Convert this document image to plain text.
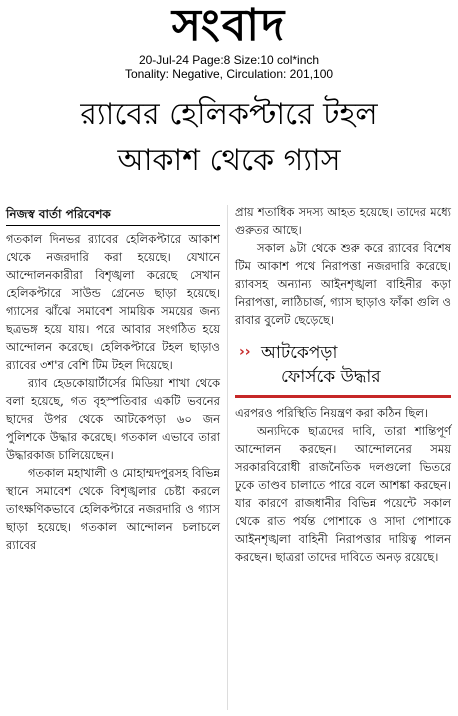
সংবাদ
20-Jul-24 Page:8 Size:10 col*inch
Tonality: Negative, Circulation: 201,100
র‍্যাবের হেলিকপ্টারে টহল
আকাশ থেকে গ্যাস
নিজস্ব বার্তা পরিবেশক

গতকাল দিনভর র‍্যাবের হেলিকপ্টারে আকাশ থেকে নজরদারি করা হয়েছে। যেখানে আন্দোলনকারীরা বিশৃঙ্খলা করেছে সেখান হেলিকপ্টারে সাউন্ড গ্রেনেড ছাড়া হয়েছে। গ্যাসের ঝাঁঝে সমাবেশ সাময়িক সময়ের জন্য ছত্রভঙ্গ হয়ে যায়। পরে আবার সংগঠিত হয়ে আন্দোলন করেছে। হেলিকপ্টারে টহল ছাড়াও র‍্যাবের ৩শ'র বেশি টিম টহল দিয়েছে।

র‍্যাব হেডকোয়ার্টার্সের মিডিয়া শাখা থেকে বলা হয়েছে, গত বৃহস্পতিবার একটি ভবনের ছাদের উপর থেকে আটকেপড়া ৬০ জন পুলিশকে উদ্ধার করেছে। গতকাল এভাবে তারা উদ্ধারকাজ চালিয়েছেন।

গতকাল মহাখালী ও মোহাম্মদপুরসহ বিভিন্ন স্থানে সমাবেশ থেকে বিশৃঙ্খলার চেষ্টা করলে তাৎক্ষণিকভাবে হেলিকপ্টারে নজরদারি ও গ্যাস ছাড়া হয়েছে। গতকাল আন্দোলন চলাচলে র‍্যাবের

প্রায় শতাধিক সদস্য আহত হয়েছে। তাদের মধ্যে গুরুতর আছে।

সকাল ৯টা থেকে শুরু করে র‍্যাবের বিশেষ টিম আকাশ পথে নিরাপত্তা নজরদারি করেছে। র‍্যাবসহ অন্যান্য আইনশৃঙ্খলা বাহিনীর কড়া নিরাপত্তা, লাঠিচার্জ, গ্যাস ছাড়াও ফাঁকা গুলি ও রাবার বুলেট ছেড়েছে।

›› আটকেপড়া
ফোর্সকে উদ্ধার

এরপরও পরিস্থিতি নিয়ন্ত্রণ করা কঠিন ছিল।

অন্যদিকে ছাত্রদের দাবি, তারা শান্তিপূর্ণ আন্দোলন করছেন। আন্দোলনের সময় সরকারবিরোধী রাজনৈতিক দলগুলো ভিতরে ঢুকে তাণ্ডব চালাতে পারে বলে আশঙ্কা করছেন। যার কারণে রাজধানীর বিভিন্ন পয়েন্টে সকাল থেকে রাত পর্যন্ত পোশাকে ও সাদা পোশাকে আইনশৃঙ্খলা বাহিনী নিরাপত্তার দায়িত্ব পালন করছেন। ছাত্ররা তাদের দাবিতে অনড় রয়েছে।
